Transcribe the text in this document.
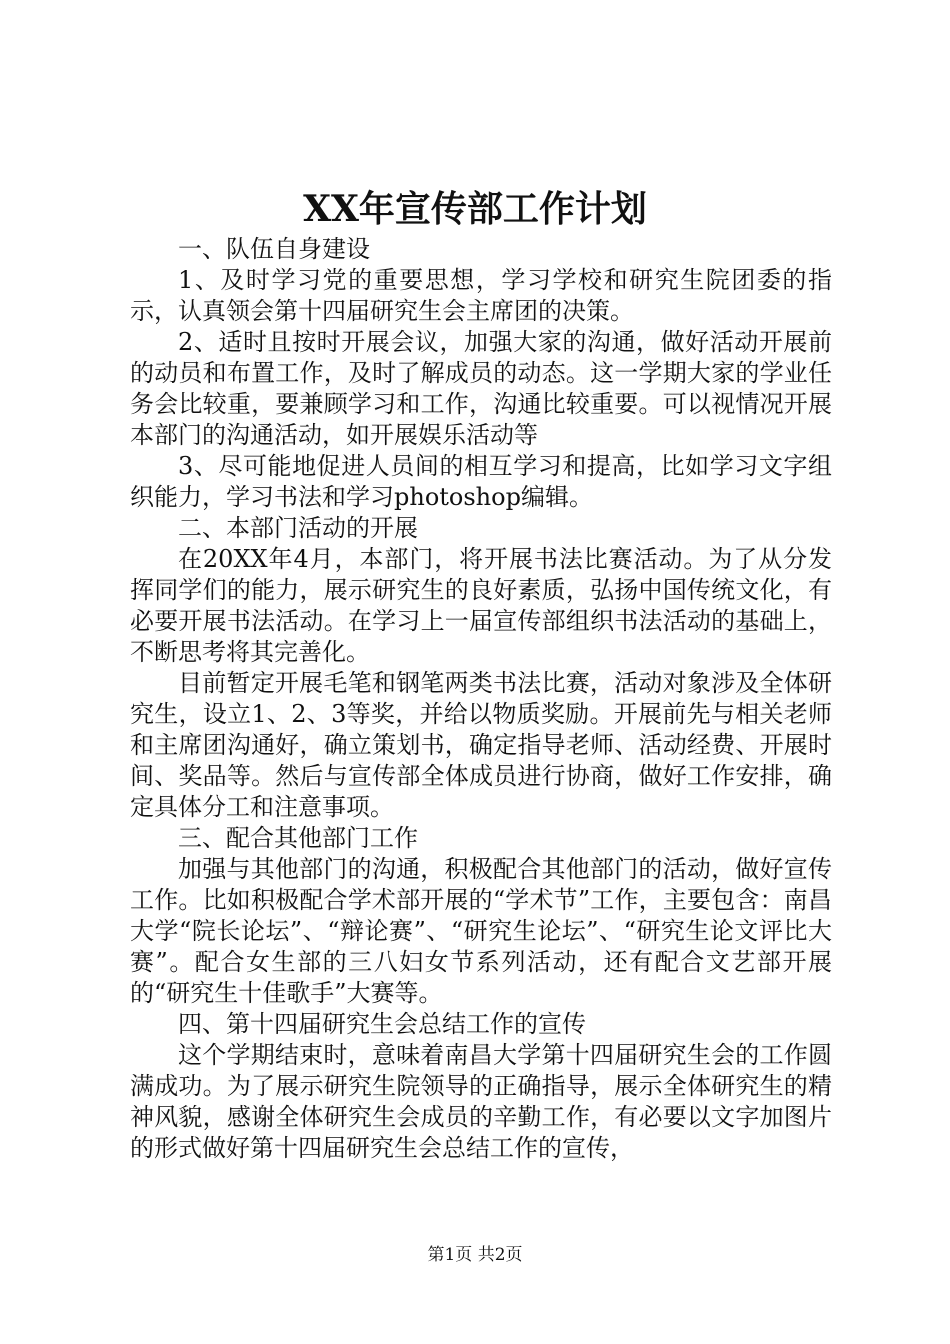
XX年宣传部工作计划

一、队伍自身建设

1、及时学习党的重要思想，学习学校和研究生院团委的指示，认真领会第十四届研究生会主席团的决策。

2、适时且按时开展会议，加强大家的沟通，做好活动开展前的动员和布置工作，及时了解成员的动态。这一学期大家的学业任务会比较重，要兼顾学习和工作，沟通比较重要。可以视情况开展本部门的沟通活动，如开展娱乐活动等

3、尽可能地促进人员间的相互学习和提高，比如学习文字组织能力，学习书法和学习photoshop编辑。

二、本部门活动的开展

在20XX年4月，本部门，将开展书法比赛活动。为了从分发挥同学们的能力，展示研究生的良好素质，弘扬中国传统文化，有必要开展书法活动。在学习上一届宣传部组织书法活动的基础上，不断思考将其完善化。

目前暂定开展毛笔和钢笔两类书法比赛，活动对象涉及全体研究生，设立1、2、3等奖，并给以物质奖励。开展前先与相关老师和主席团沟通好，确立策划书，确定指导老师、活动经费、开展时间、奖品等。然后与宣传部全体成员进行协商，做好工作安排，确定具体分工和注意事项。

三、配合其他部门工作

加强与其他部门的沟通，积极配合其他部门的活动，做好宣传工作。比如积极配合学术部开展的“学术节”工作，主要包含：南昌大学“院长论坛”、“辩论赛”、“研究生论坛”、“研究生论文评比大赛”。配合女生部的三八妇女节系列活动，还有配合文艺部开展的“研究生十佳歌手”大赛等。

四、第十四届研究生会总结工作的宣传

这个学期结束时，意味着南昌大学第十四届研究生会的工作圆满成功。为了展示研究生院领导的正确指导，展示全体研究生的精神风貌，感谢全体研究生会成员的辛勤工作，有必要以文字加图片的形式做好第十四届研究生会总结工作的宣传，

第1页 共2页
